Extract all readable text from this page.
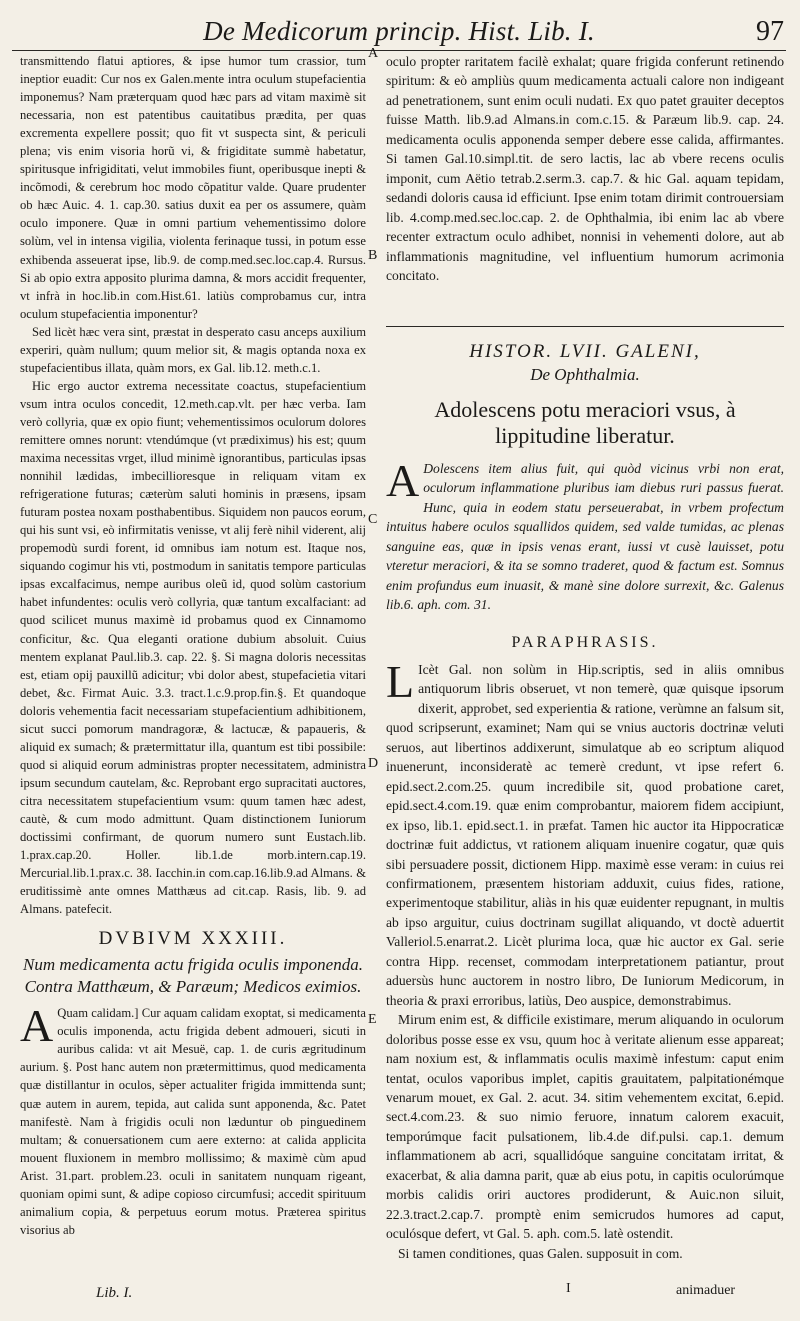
De Medicorum princip. Hist. Lib. I.	97

transmittendo flatui aptiores, & ipse humor tum crassior, tum ineptior euadit: Cur nos ex Galen.mente intra oculum stupefacientia imponemus? Nam præterquam quod hæc pars ad vitam maximè sit necessaria, non est patentibus cauitatibus prædita, per quas excrementa expellere possit; quo fit vt suspecta sint, & periculi plena; vis enim visoria horũ vi, & frigiditate summè habetatur, spiritusque infrigiditati, velut immobiles fiunt, operibusque inepti & incõmodi, & cerebrum hoc modo cõpatitur valde. Quare prudenter ob hæc Auic. 4. 1. cap.30. satius duxit ea per os assumere, quàm oculo imponere. Quæ in omni partium vehementissimo dolore solùm, vel in intensa vigilia, violenta ferinaque tussi, in potum esse exhibenda asseuerat ipse, lib.9. de comp.med.sec.loc.cap.4. Rursus. Si ab opio extra apposito plurima damna, & mors accidit frequenter, vt infrà in hoc.lib.in com.Hist.61. latiùs comprobamus cur, intra oculum stupefacientia imponentur?

Sed licèt hæc vera sint, præstat in desperato casu anceps auxilium experiri, quàm nullum; quum melior sit, & magis optanda noxa ex stupefacientibus illata, quàm mors, ex Gal. lib.12. meth.c.1.

Hic ergo auctor extrema necessitate coactus, stupefacientium vsum intra oculos concedit, 12.meth.cap.vlt. per hæc verba. Iam verò collyria, quæ ex opio fiunt; vehementissimos oculorum dolores remittere omnes norunt: vtendúmque (vt prædiximus) his est; quum maxima necessitas vrget, illud minimè ignorantibus, particulas ipsas nonnihil lædidas, imbecillioresque in reliquam vitam ex refrigeratione futuras; cæterùm saluti hominis in præsens, ipsam futuram postea noxam posthabentibus. Siquidem non paucos eorum, qui his sunt vsi, eò infirmitatis venisse, vt alij ferè nihil viderent, alij propemodù surdi forent, id omnibus iam notum est. Itaque nos, siquando cogimur his vti, postmodum in sanitatis tempore particulas ipsas excalfacimus, nempe auribus oleũ id, quod solùm castorium habet infundentes: oculis verò collyria, quæ tantum excalfaciant: ad quod scilicet munus maximè id probamus quod ex Cinnamomo conficitur, &c. Qua eleganti oratione dubium absoluit. Cuius mentem explanat Paul.lib.3. cap. 22. §. Si magna doloris necessitas est, etiam opij pauxillũ adicitur; vbi dolor abest, stupefacietia vitari debet, &c. Firmat Auic. 3.3. tract.1.c.9.prop.fin.§. Et quandoque doloris vehementia facit necessariam stupefacientium adhibitionem, sicut succi pomorum mandragoræ, & lactucæ, & papaueris, & aliquid ex sumach; & prætermittatur illa, quantum est tibi possibile: quod si aliquid eorum administras propter necessitatem, administra ipsum secundum cautelam, &c. Reprobant ergo supracitati auctores, citra necessitatem stupefacientium vsum: quum tamen hæc adest, cautè, & cum modo admittunt. Quam distinctionem Iuniorum doctissimi confirmant, de quorum numero sunt Eustach.lib. 1.prax.cap.20. Holler. lib.1.de morb.intern.cap.19. Mercurial.lib.1.prax.c. 38. Iacchin.in com.cap.16.lib.9.ad Almans. & eruditissimè ante omnes Matthæus ad cit.cap. Rasis, lib. 9. ad Almans. patefecit.

DVBIVM XXXIII.
Num medicamenta actu frigida oculis imponenda. Contra Matthæum, & Paræum; Medicos eximios.
A Quam calidam.] Cur aquam calidam exoptat, si medicamenta oculis imponenda, actu frigida debent admoueri, sicuti in auribus calida: vt ait Mesuë, cap. 1. de curis ægritudinum aurium. §. Post hanc autem non prætermittimus, quod medicamenta quæ distillantur in oculos, sèper actualiter frigida immittenda sunt; quæ autem in aurem, tepida, aut calida sunt apponenda, &c. Patet manifestè. Nam à frigidis oculi non læduntur ob pinguedinem multam; & conuersationem cum aere externo: at calida applicita mouent fluxionem in membro mollissimo; & maximè cùm apud Arist. 31.part. problem.23. oculi in sanitatem nunquam rigeant, quoniam opimi sunt, & adipe copioso circumfusi; accedit spirituum animalium copia, & perpetuus eorum motus. Præterea spiritus visorius ab

A
B
C
D
E

oculo propter raritatem facilè exhalat; quare frigida conferunt retinendo spiritum: & eò ampliùs quum medicamenta actuali calore non indigeant ad penetrationem, sunt enim oculi nudati. Ex quo patet grauiter deceptos fuisse Matth. lib.9.ad Almans.in com.c.15. & Paræum lib.9. cap. 24. medicamenta oculis apponenda semper debere esse calida, affirmantes. Si tamen Gal.10.simpl.tit. de sero lactis, lac ab vbere recens oculis imponit, cum Aëtio tetrab.2.serm.3. cap.7. & hic Gal. aquam tepidam, sedandi doloris causa id efficiunt. Ipse enim totam dirimit controuersiam lib. 4.comp.med.sec.loc.cap. 2. de Ophthalmia, ibi enim lac ab vbere recenter extractum oculo adhibet, nonnisi in vehementi dolore, aut ab inflammationis magnitudine, vel influentium humorum acrimonia concitato.

HISTOR. LVII. GALENI,
De Ophthalmia.
Adolescens potu meraciori vsus, à lippitudine liberatur.
A Dolescens item alius fuit, qui quòd vicinus vrbi non erat, oculorum inflammatione pluribus iam diebus ruri passus fuerat. Hunc, quia in eodem statu perseuerabat, in vrbem profectum intuitus habere oculos squallidos quidem, sed valde tumidas, ac plenas sanguine eas, quæ in ipsis venas erant, iussi vt cusè lauisset, potu vteretur meraciori, & ita se somno traderet, quod & factum est. Somnus enim profundus eum inuasit, & manè sine dolore surrexit, &c. Galenus lib.6. aph. com. 31.

PARAPHRASIS.
L Icèt Gal. non solùm in Hip.scriptis, sed in aliis omnibus antiquorum libris obseruet, vt non temerè, quæ quisque ipsorum dixerit, approbet, sed experientia & ratione, verùmne an falsum sit, quod scripserunt, examinet; Nam qui se vnius auctoris doctrinæ veluti seruos, aut libertinos addixerunt, simulatque ab eo scriptum aliquod inuenerunt, inconsideratè ac temerè credunt, vt ipse refert 6. epid.sect.2.com.25. quum incredibile sit, quod probatione caret, epid.sect.4.com.19. quæ enim comprobantur, maiorem fidem accipiunt, ex ipso, lib.1. epid.sect.1. in præfat. Tamen hic auctor ita Hippocraticæ doctrinæ fuit addictus, vt rationem aliquam inuenire cogatur, quæ quis sibi persuadere possit, dictionem Hipp. maximè esse veram: in cuius rei confirmationem, præsentem historiam adduxit, cuius fides, ratione, experimentoque stabilitur, aliàs in his quæ euidenter repugnant, in multis ab ipso arguitur, cuius doctrinam sugillat aliquando, vt doctè aduertit Valleriol.5.enarrat.2. Licèt plurima loca, quæ hic auctor ex Gal. serie contra Hipp. recenset, commodam interpretationem patiantur, prout aduersùs hunc auctorem in nostro libro, De Iuniorum Medicorum, in theoria & praxi erroribus, latiùs, Deo auspice, demonstrabimus.

Mirum enim est, & difficile existimare, merum aliquando in oculorum doloribus posse esse ex vsu, quum hoc à veritate alienum esse appareat; nam noxium est, & inflammatis oculis maximè infestum: caput enim tentat, oculos vaporibus implet, capitis grauitatem, palpitationémque venarum mouet, ex Gal. 2. acut. 34. sitim vehementem excitat, 6.epid. sect.4.com.23. & suo nimio feruore, innatum calorem exacuit, temporúmque facit pulsationem, lib.4.de dif.pulsi. cap.1. demum inflammationem ab acri, squallidóque sanguine concitatam irritat, & exacerbat, & alia damna parit, quæ ab eius potu, in capitis oculorúmque morbis calidis oriri auctores prodiderunt, & Auic.non siluit, 22.3.tract.2.cap.7. promptè enim semicrudos humores ad caput, oculósque defert, vt Gal. 5. aph. com.5. latè ostendit.

Si tamen conditiones, quas Galen. supposuit in com.

Lib. I.	I	animaduer
